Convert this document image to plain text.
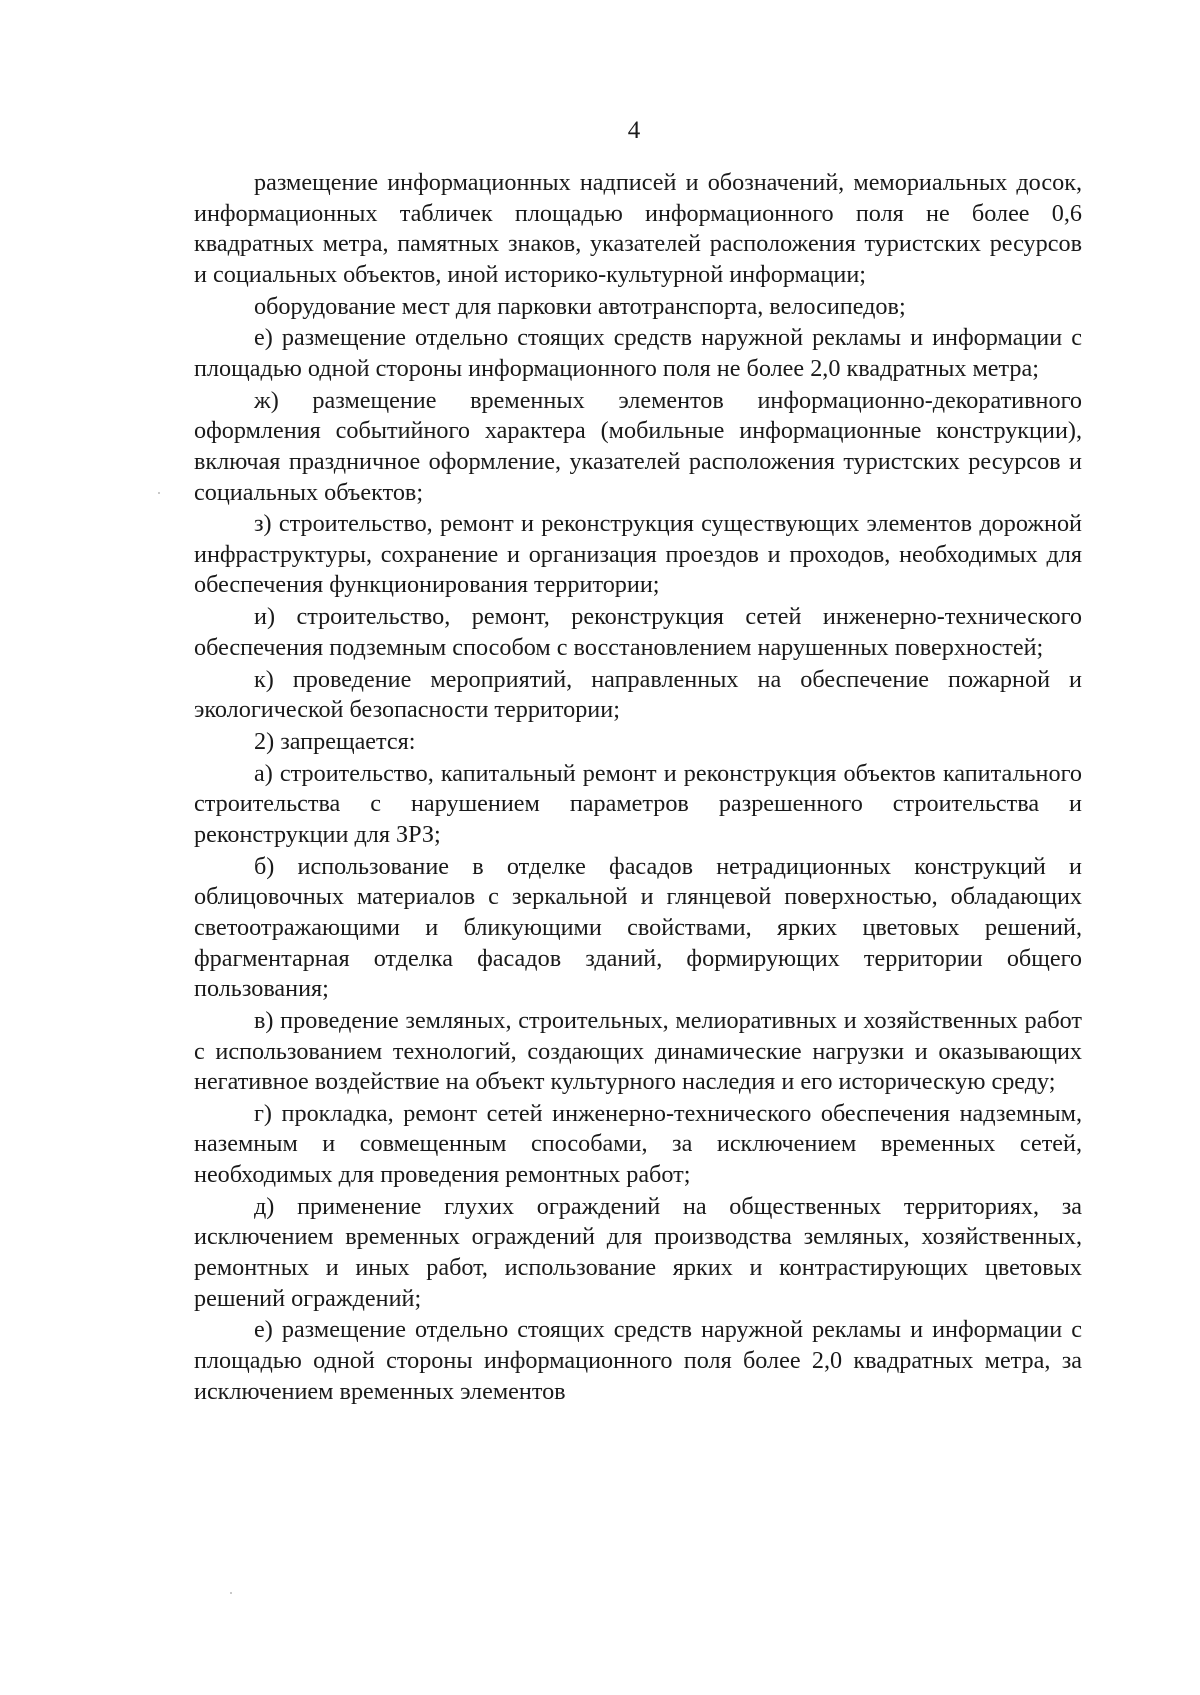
4

размещение информационных надписей и обозначений, мемориальных досок, информационных табличек площадью информационного поля не более 0,6 квадратных метра, памятных знаков, указателей расположения туристских ресурсов и социальных объектов, иной историко-культурной информации;

оборудование мест для парковки автотранспорта, велосипедов;

е) размещение отдельно стоящих средств наружной рекламы и информации с площадью одной стороны информационного поля не более 2,0 квадратных метра;

ж) размещение временных элементов информационно-декоративного оформления событийного характера (мобильные информационные конструкции), включая праздничное оформление, указателей расположения туристских ресурсов и социальных объектов;

з) строительство, ремонт и реконструкция существующих элементов дорожной инфраструктуры, сохранение и организация проездов и проходов, необходимых для обеспечения функционирования территории;

и) строительство, ремонт, реконструкция сетей инженерно-технического обеспечения подземным способом с восстановлением нарушенных поверхностей;

к) проведение мероприятий, направленных на обеспечение пожарной и экологической безопасности территории;

2) запрещается:

а) строительство, капитальный ремонт и реконструкция объектов капитального строительства с нарушением параметров разрешенного строительства и реконструкции для ЗРЗ;

б) использование в отделке фасадов нетрадиционных конструкций и облицовочных материалов с зеркальной и глянцевой поверхностью, обладающих светоотражающими и бликующими свойствами, ярких цветовых решений, фрагментарная отделка фасадов зданий, формирующих территории общего пользования;

в) проведение земляных, строительных, мелиоративных и хозяйственных работ с использованием технологий, создающих динамические нагрузки и оказывающих негативное воздействие на объект культурного наследия и его историческую среду;

г) прокладка, ремонт сетей инженерно-технического обеспечения надземным, наземным и совмещенным способами, за исключением временных сетей, необходимых для проведения ремонтных работ;

д) применение глухих ограждений на общественных территориях, за исключением временных ограждений для производства земляных, хозяйственных, ремонтных и иных работ, использование ярких и контрастирующих цветовых решений ограждений;

е) размещение отдельно стоящих средств наружной рекламы и информации с площадью одной стороны информационного поля более 2,0 квадратных метра, за исключением временных элементов
